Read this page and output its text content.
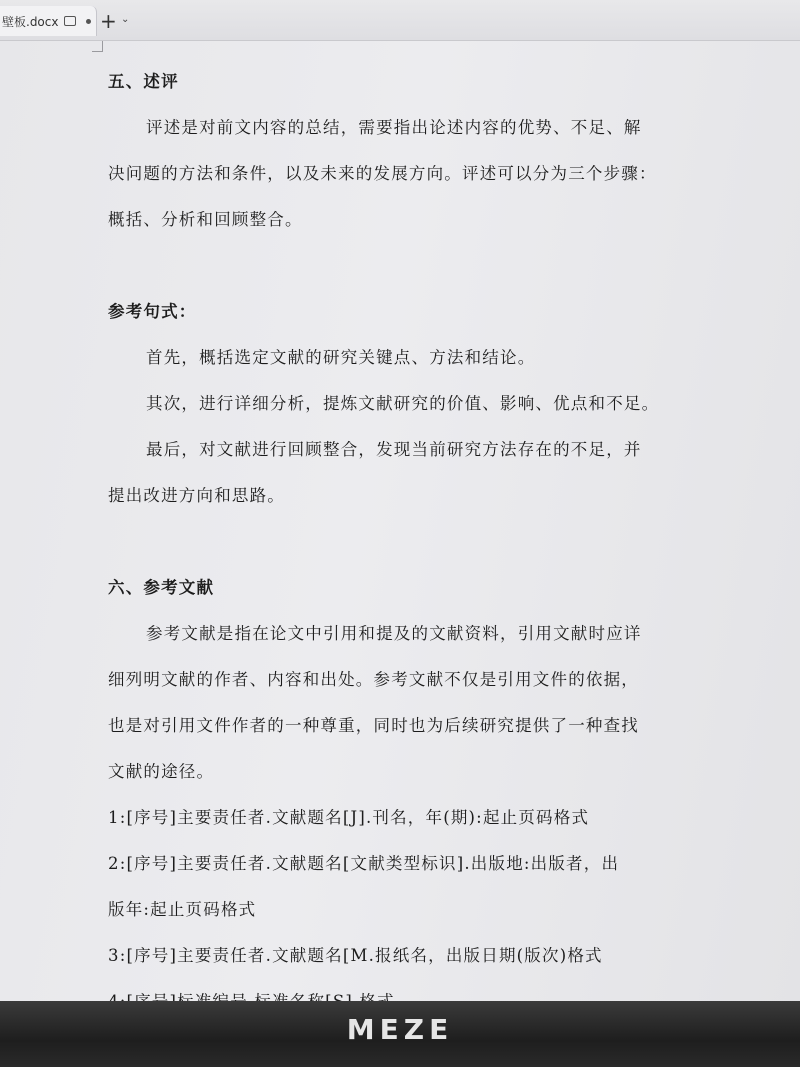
壁板.docx + ⌄

五、述评

评述是对前文内容的总结，需要指出论述内容的优势、不足、解

决问题的方法和条件，以及未来的发展方向。评述可以分为三个步骤：

概括、分析和回顾整合。

参考句式：

首先，概括选定文献的研究关键点、方法和结论。

其次，进行详细分析，提炼文献研究的价值、影响、优点和不足。

最后，对文献进行回顾整合，发现当前研究方法存在的不足，并

提出改进方向和思路。

六、参考文献

参考文献是指在论文中引用和提及的文献资料，引用文献时应详

细列明文献的作者、内容和出处。参考文献不仅是引用文件的依据，

也是对引用文件作者的一种尊重，同时也为后续研究提供了一种查找

文献的途径。

1:[序号]主要责任者.文献题名[J].刊名，年(期):起止页码格式

2:[序号]主要责任者.文献题名[文献类型标识].出版地:出版者，出

版年:起止页码格式

3:[序号]主要责任者.文献题名[M.报纸名，出版日期(版次)格式

MEZE
